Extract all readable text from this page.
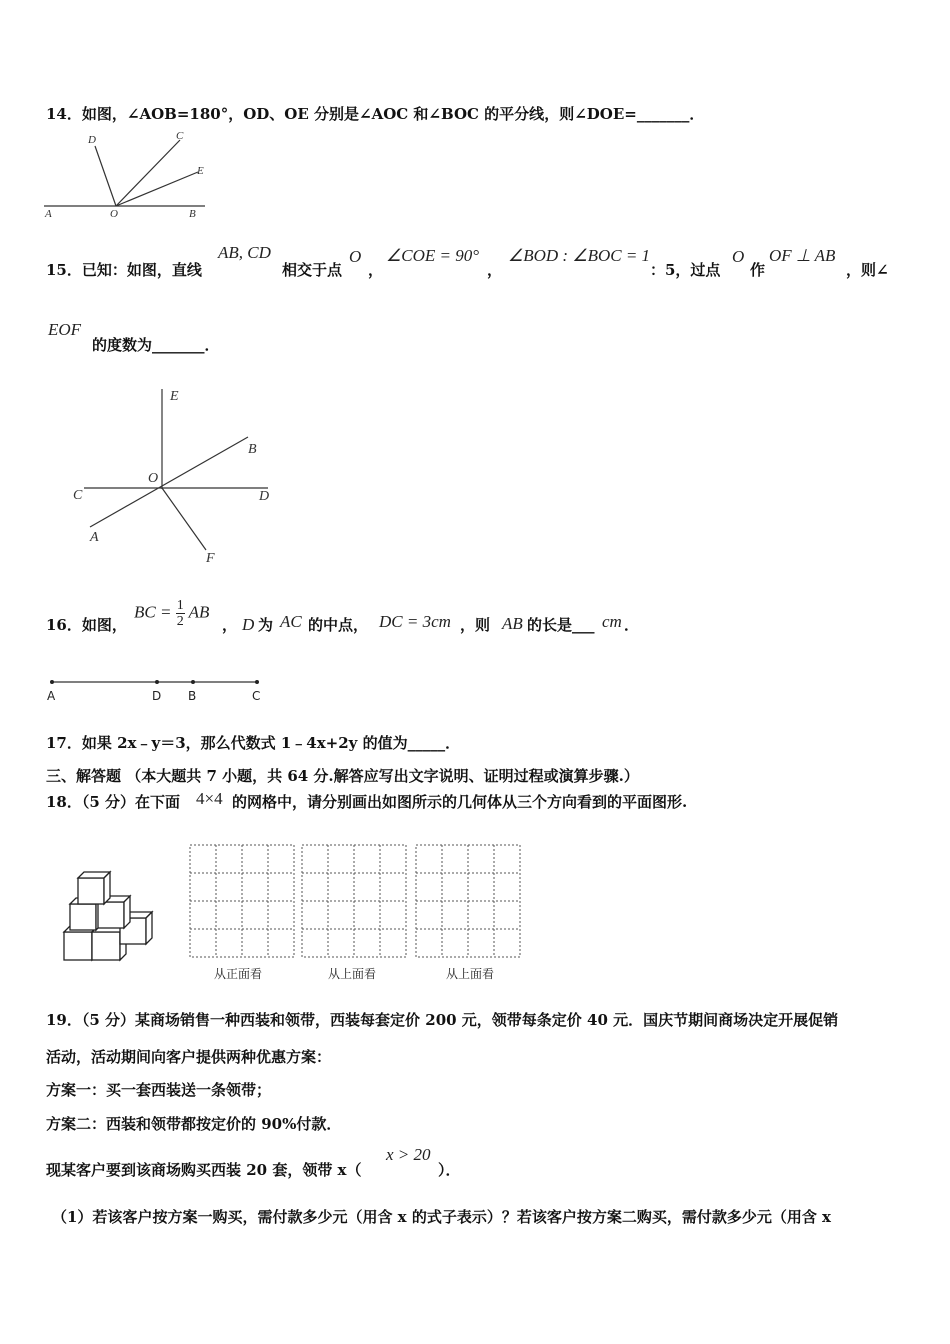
14．如图，∠AOB=180°，OD、OE 分别是∠AOC 和∠BOC 的平分线，则∠DOE=_______．
D	C
E
A	O	B
15．已知：如图，直线
AB, CD
相交于点
O
，
∠COE = 90°
，
∠BOD : ∠BOC = 1
：5，过点
O
作
OF ⊥ AB
，则∠
EOF
的度数为_______．
E
B
O
C	D
A
F
16．如图，
BC = $\frac{1}{2}$ AB
， D 为 AC 的中点， DC = 3cm ，则 AB 的长是___ cm ．
A	D B	C
17．如果 2x﹣y＝3，那么代数式 1﹣4x+2y 的值为_____．
三、解答题 （本大题共 7 小题，共 64 分.解答应写出文字说明、证明过程或演算步骤.）
18．（5 分）在下面 4×4 的网格中，请分别画出如图所示的几何体从三个方向看到的平面图形.
从正面看	从上面看	从上面看
19．（5 分）某商场销售一种西装和领带，西装每套定价 200 元，领带每条定价 40 元．国庆节期间商场决定开展促销
活动，活动期间向客户提供两种优惠方案：
方案一：买一套西装送一条领带；
方案二：西装和领带都按定价的 90%付款．
现某客户要到该商场购买西装 20 套，领带 x（
x > 20
）．
（1）若该客户按方案一购买，需付款多少元（用含 x 的式子表示）？若该客户按方案二购买，需付款多少元（用含 x
